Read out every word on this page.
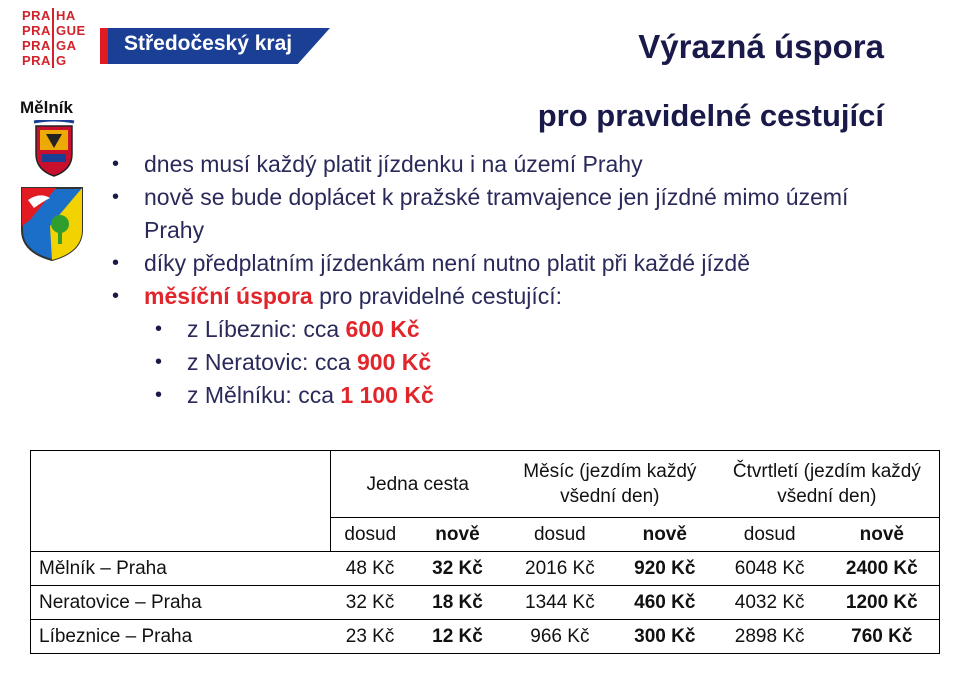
PRA HA
PRA GUE
PRA GA
PRA G
Středočeský kraj
Mělník
Výrazná úspora
pro pravidelné cestující
• dnes musí každý platit jízdenku i na území Prahy
• nově se bude doplácet k pražské tramvajence jen jízdné mimo území Prahy
• díky předplatním jízdenkám není nutno platit při každé jízdě
• měsíční úspora pro pravidelné cestující:
• z Líbeznic: cca 600 Kč
• z Neratovic: cca 900 Kč
• z Mělníku: cca 1 100 Kč
	Jedna cesta		Měsíc (jezdím každý všední den)		Čtvrtletí (jezdím každý všední den)	
	dosud	nově	dosud	nově	dosud	nově
Mělník – Praha	48 Kč	32 Kč	2016 Kč	920 Kč	6048 Kč	2400 Kč
Neratovice – Praha	32 Kč	18 Kč	1344 Kč	460 Kč	4032 Kč	1200 Kč
Líbeznice – Praha	23 Kč	12 Kč	966 Kč	300 Kč	2898 Kč	760 Kč
